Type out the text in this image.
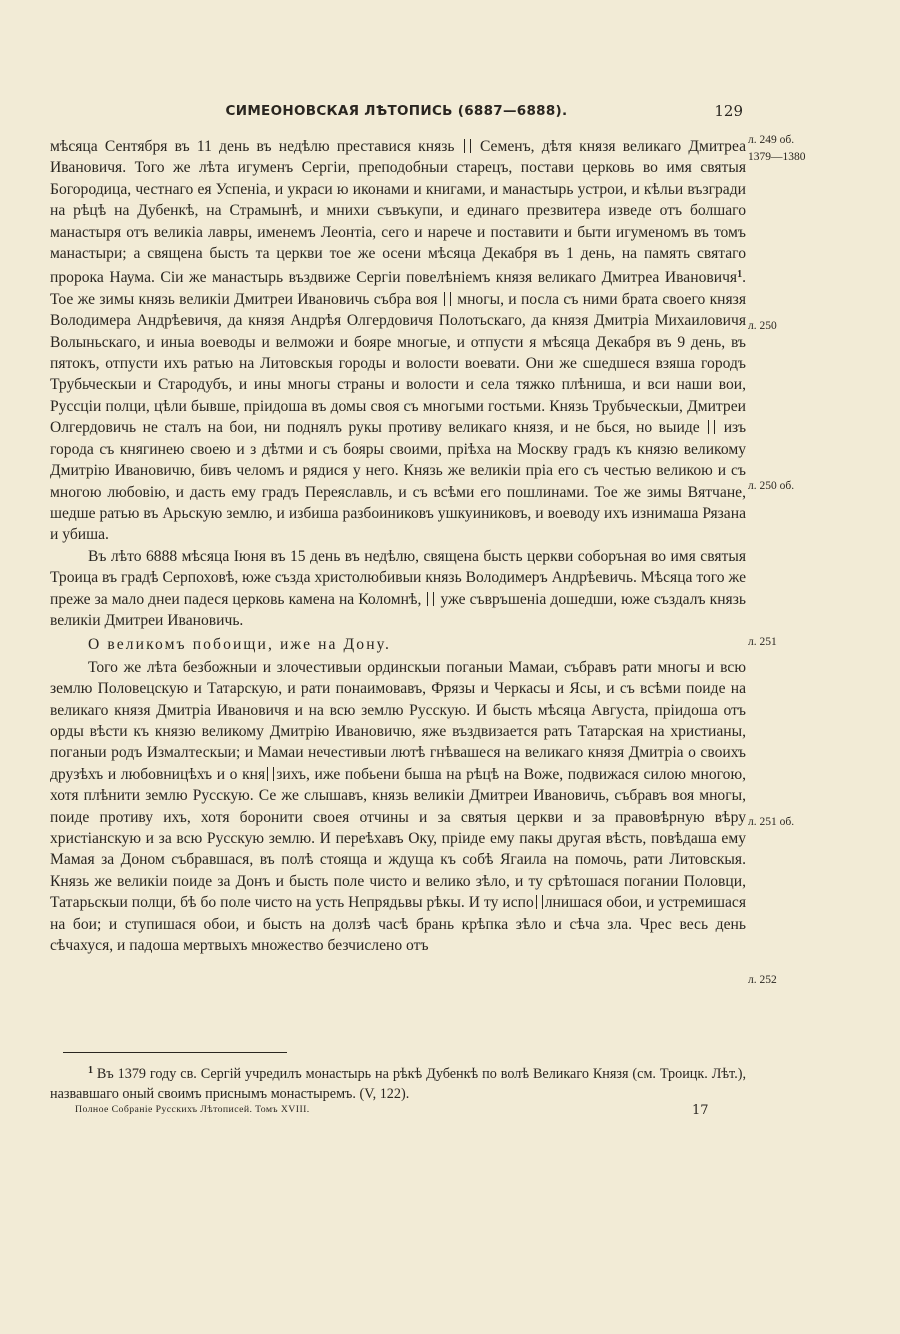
СИМЕОНОВСКАЯ ЛѢТОПИСЬ (6887—6888).	129
л. 249 об.
1379—1380
л. 250
л. 250 об.
л. 251
л. 251 об.
л. 252

мѣсяца Сентября въ 11 день въ недѣлю преставися князь Семенъ, дѣтя князя великаго Дмитреа Ивановичя. Того же лѣта игуменъ Сергіи, преподобныи старецъ, постави церковь во имя святыя Богородица, честнаго ея Успеніа, и украси ю иконами и книгами, и манастырь устрои, и кѣльи възгради на рѣцѣ на Дубенкѣ, на Страмынѣ, и мнихи съвъкупи, и единаго презвитера изведе отъ болшаго манастыря отъ великіа лавры, именемъ Леонтіа, сего и нарече и поставити и быти игуменомъ въ томъ манастыри; а священа бысть та церкви тое же осени мѣсяца Декабря въ 1 день, на память святаго пророка Наума. Сіи же манастырь въздвиже Сергіи повелѣніемъ князя великаго Дмитреа Ивановичя$^1$. Тое же зимы князь великіи Дмитреи Ивановичь събра воя многы, и посла съ ними брата своего князя Володимера Андрѣевичя, да князя Андрѣя Олгердовичя Полотьскаго, да князя Дмитріа Михаиловичя Волыньскаго, и иныа воеводы и велможи и бояре многые, и отпусти я мѣсяца Декабря въ 9 день, въ пятокъ, отпусти ихъ ратью на Литовскыя городы и волости воевати. Они же сшедшеся взяша городъ Трубьческыи и Стародубъ, и ины многы страны и волости и села тяжко плѣниша, и вси наши вои, Руссціи полци, цѣли бывше, пріидоша въ домы своя съ многыми гостьми. Князь Трубьческыи, Дмитреи Олгердовичь не сталъ на бои, ни поднялъ рукы противу великаго князя, и не бься, но выиде изъ города съ княгинею своею и з дѣтми и съ бояры своими, пріѣха на Москву градъ къ князю великому Дмитрію Ивановичю, бивъ челомъ и рядися у него. Князь же великіи пріа его съ честью великою и съ многою любовію, и дасть ему градъ Переяславль, и съ всѣми его пошлинами. Тое же зимы Вятчане, шедше ратью въ Арьскую землю, и избиша разбоиниковъ ушкуиниковъ, и воеводу ихъ изнимаша Рязана и убиша.

Въ лѣто 6888 мѣсяца Іюня въ 15 день въ недѣлю, священа бысть церкви соборъная во имя святыя Троица въ градѣ Серпоховѣ, юже създа христолюбивыи князь Володимеръ Андрѣевичь. Мѣсяца того же преже за мало днеи падеся церковь камена на Коломнѣ, уже съвръшеніа дошедши, юже създалъ князь великіи Дмитреи Ивановичь.

О великомъ побоищи, иже на Дону.

Того же лѣта безбожныи и злочестивыи ординскыи поганыи Мамаи, събравъ рати многы и всю землю Половецскую и Татарскую, и рати понаимовавъ, Фрязы и Черкасы и Ясы, и съ всѣми поиде на великаго князя Дмитріа Ивановичя и на всю землю Русскую. И бысть мѣсяца Августа, пріидоша отъ орды вѣсти къ князю великому Дмитрію Ивановичю, яже въздвизается рать Татарская на христианы, поганыи родъ Измалтескыи; и Мамаи нечестивыи лютѣ гнѣвашеся на великаго князя Дмитріа о своихъ друзѣхъ и любовницѣхъ и о кня зихъ, иже побьени быша на рѣцѣ на Вожe, подвижася силою многою, хотя плѣнити землю Русскую. Се же слышавъ, князь великіи Дмитреи Ивановичь, събравъ воя многы, поиде противу ихъ, хотя боронити своея отчины и за святыя церкви и за правовѣрную вѣру христіанскую и за всю Русскую землю. И переѣхавъ Оку, пріиде ему пакы другая вѣсть, повѣдаша ему Мамая за Доном събравшася, въ полѣ стояща и ждуща къ собѣ Ягаила на помочь, рати Литовскыя. Князь же великіи поиде за Донъ и бысть поле чисто и велико зѣло, и ту срѣтошася погании Половци, Татарьскыи полци, бѣ бо поле чисто на усть Непрядьвы рѣкы. И ту испо лнишася обои, и устремишася на бои; и ступишася обои, и бысть на долзѣ часѣ брань крѣпка зѣло и сѣча зла. Чрес весь день сѣчахуся, и падоша мертвыхъ множество безчислено отъ

$^1$ Въ 1379 году св. Сергій учредилъ монастырь на рѣкѣ Дубенкѣ по волѣ Великаго Князя (см. Троицк. Лѣт.), назвавшаго оный своимъ приснымъ монастыремъ. (V, 122).
Полное Собраніе Русскихъ Лѣтописей. Томъ XVIII.	17
